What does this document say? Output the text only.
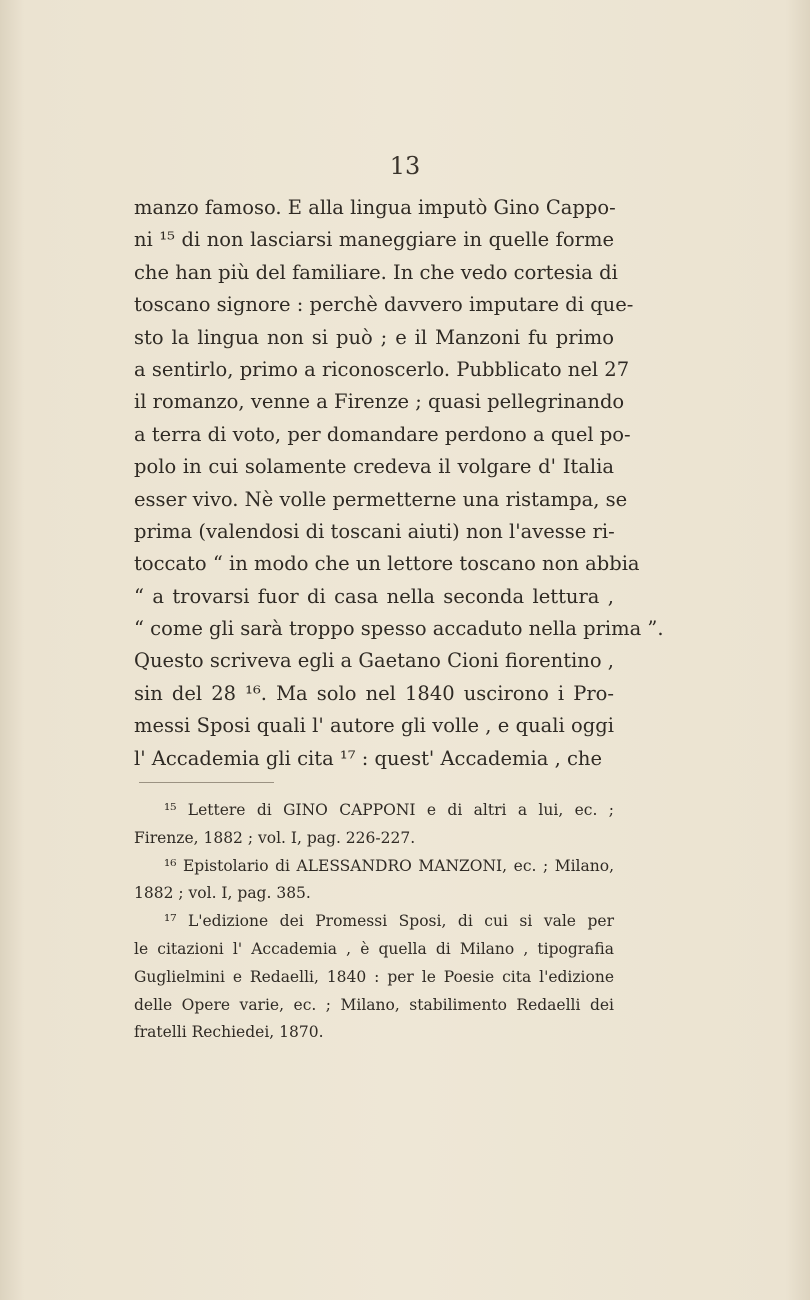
13
manzo famoso. E alla lingua imputò Gino Cappo-
ni ¹⁵ di non lasciarsi maneggiare in quelle forme
che han più del familiare. In che vedo cortesia di
toscano signore : perchè davvero imputare di que-
sto la lingua non si può ; e il Manzoni fu primo
a sentirlo, primo a riconoscerlo. Pubblicato nel 27
il romanzo, venne a Firenze ; quasi pellegrinando
a terra di voto, per domandare perdono a quel po-
polo in cui solamente credeva il volgare d' Italia
esser vivo. Nè volle permetterne una ristampa, se
prima (valendosi di toscani aiuti) non l'avesse ri-
toccato “ in modo che un lettore toscano non abbia
“ a trovarsi fuor di casa nella seconda lettura ,
“ come gli sarà troppo spesso accaduto nella prima ”.
Questo scriveva egli a Gaetano Cioni fiorentino ,
sin del 28 ¹⁶. Ma solo nel 1840 uscirono i Pro-
messi Sposi quali l' autore gli volle , e quali oggi
l' Accademia gli cita ¹⁷ : quest' Accademia , che
¹⁵ Lettere di GINO CAPPONI e di altri a lui, ec. ;
Firenze, 1882 ; vol. I, pag. 226-227.
¹⁶ Epistolario di ALESSANDRO MANZONI, ec. ; Milano,
1882 ; vol. I, pag. 385.
¹⁷ L'edizione dei Promessi Sposi, di cui si vale per
le citazioni l' Accademia , è quella di Milano , tipografia
Guglielmini e Redaelli, 1840 : per le Poesie cita l'edizione
delle Opere varie, ec. ; Milano, stabilimento Redaelli dei
fratelli Rechiedei, 1870.
